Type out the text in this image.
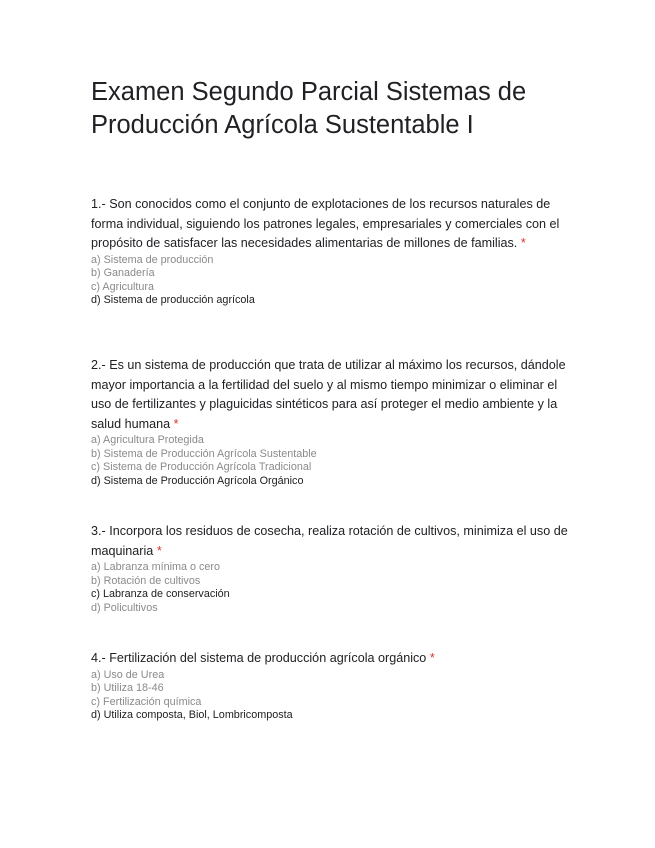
Examen Segundo Parcial Sistemas de Producción Agrícola Sustentable I

1.- Son conocidos como el conjunto de explotaciones de los recursos naturales de forma individual, siguiendo los patrones legales, empresariales y comerciales con el propósito de satisfacer las necesidades alimentarias de millones de familias. *

a) Sistema de producción
b) Ganadería
c) Agricultura
d) Sistema de producción agrícola

2.- Es un sistema de producción que trata de utilizar al máximo los recursos, dándole mayor importancia a la fertilidad del suelo y al mismo tiempo minimizar o eliminar el uso de fertilizantes y plaguicidas sintéticos para así proteger el medio ambiente y la salud humana *

a) Agricultura Protegida
b) Sistema de Producción Agrícola Sustentable
c) Sistema de Producción Agrícola Tradicional
d) Sistema de Producción Agrícola Orgánico

3.- Incorpora los residuos de cosecha, realiza rotación de cultivos, minimiza el uso de maquinaria *

a) Labranza mínima o cero
b) Rotación de cultivos
c) Labranza de conservación
d) Policultivos

4.- Fertilización del sistema de producción agrícola orgánico *

a) Uso de Urea
b) Utiliza 18-46
c) Fertilización química
d) Utiliza composta, Biol, Lombricomposta
